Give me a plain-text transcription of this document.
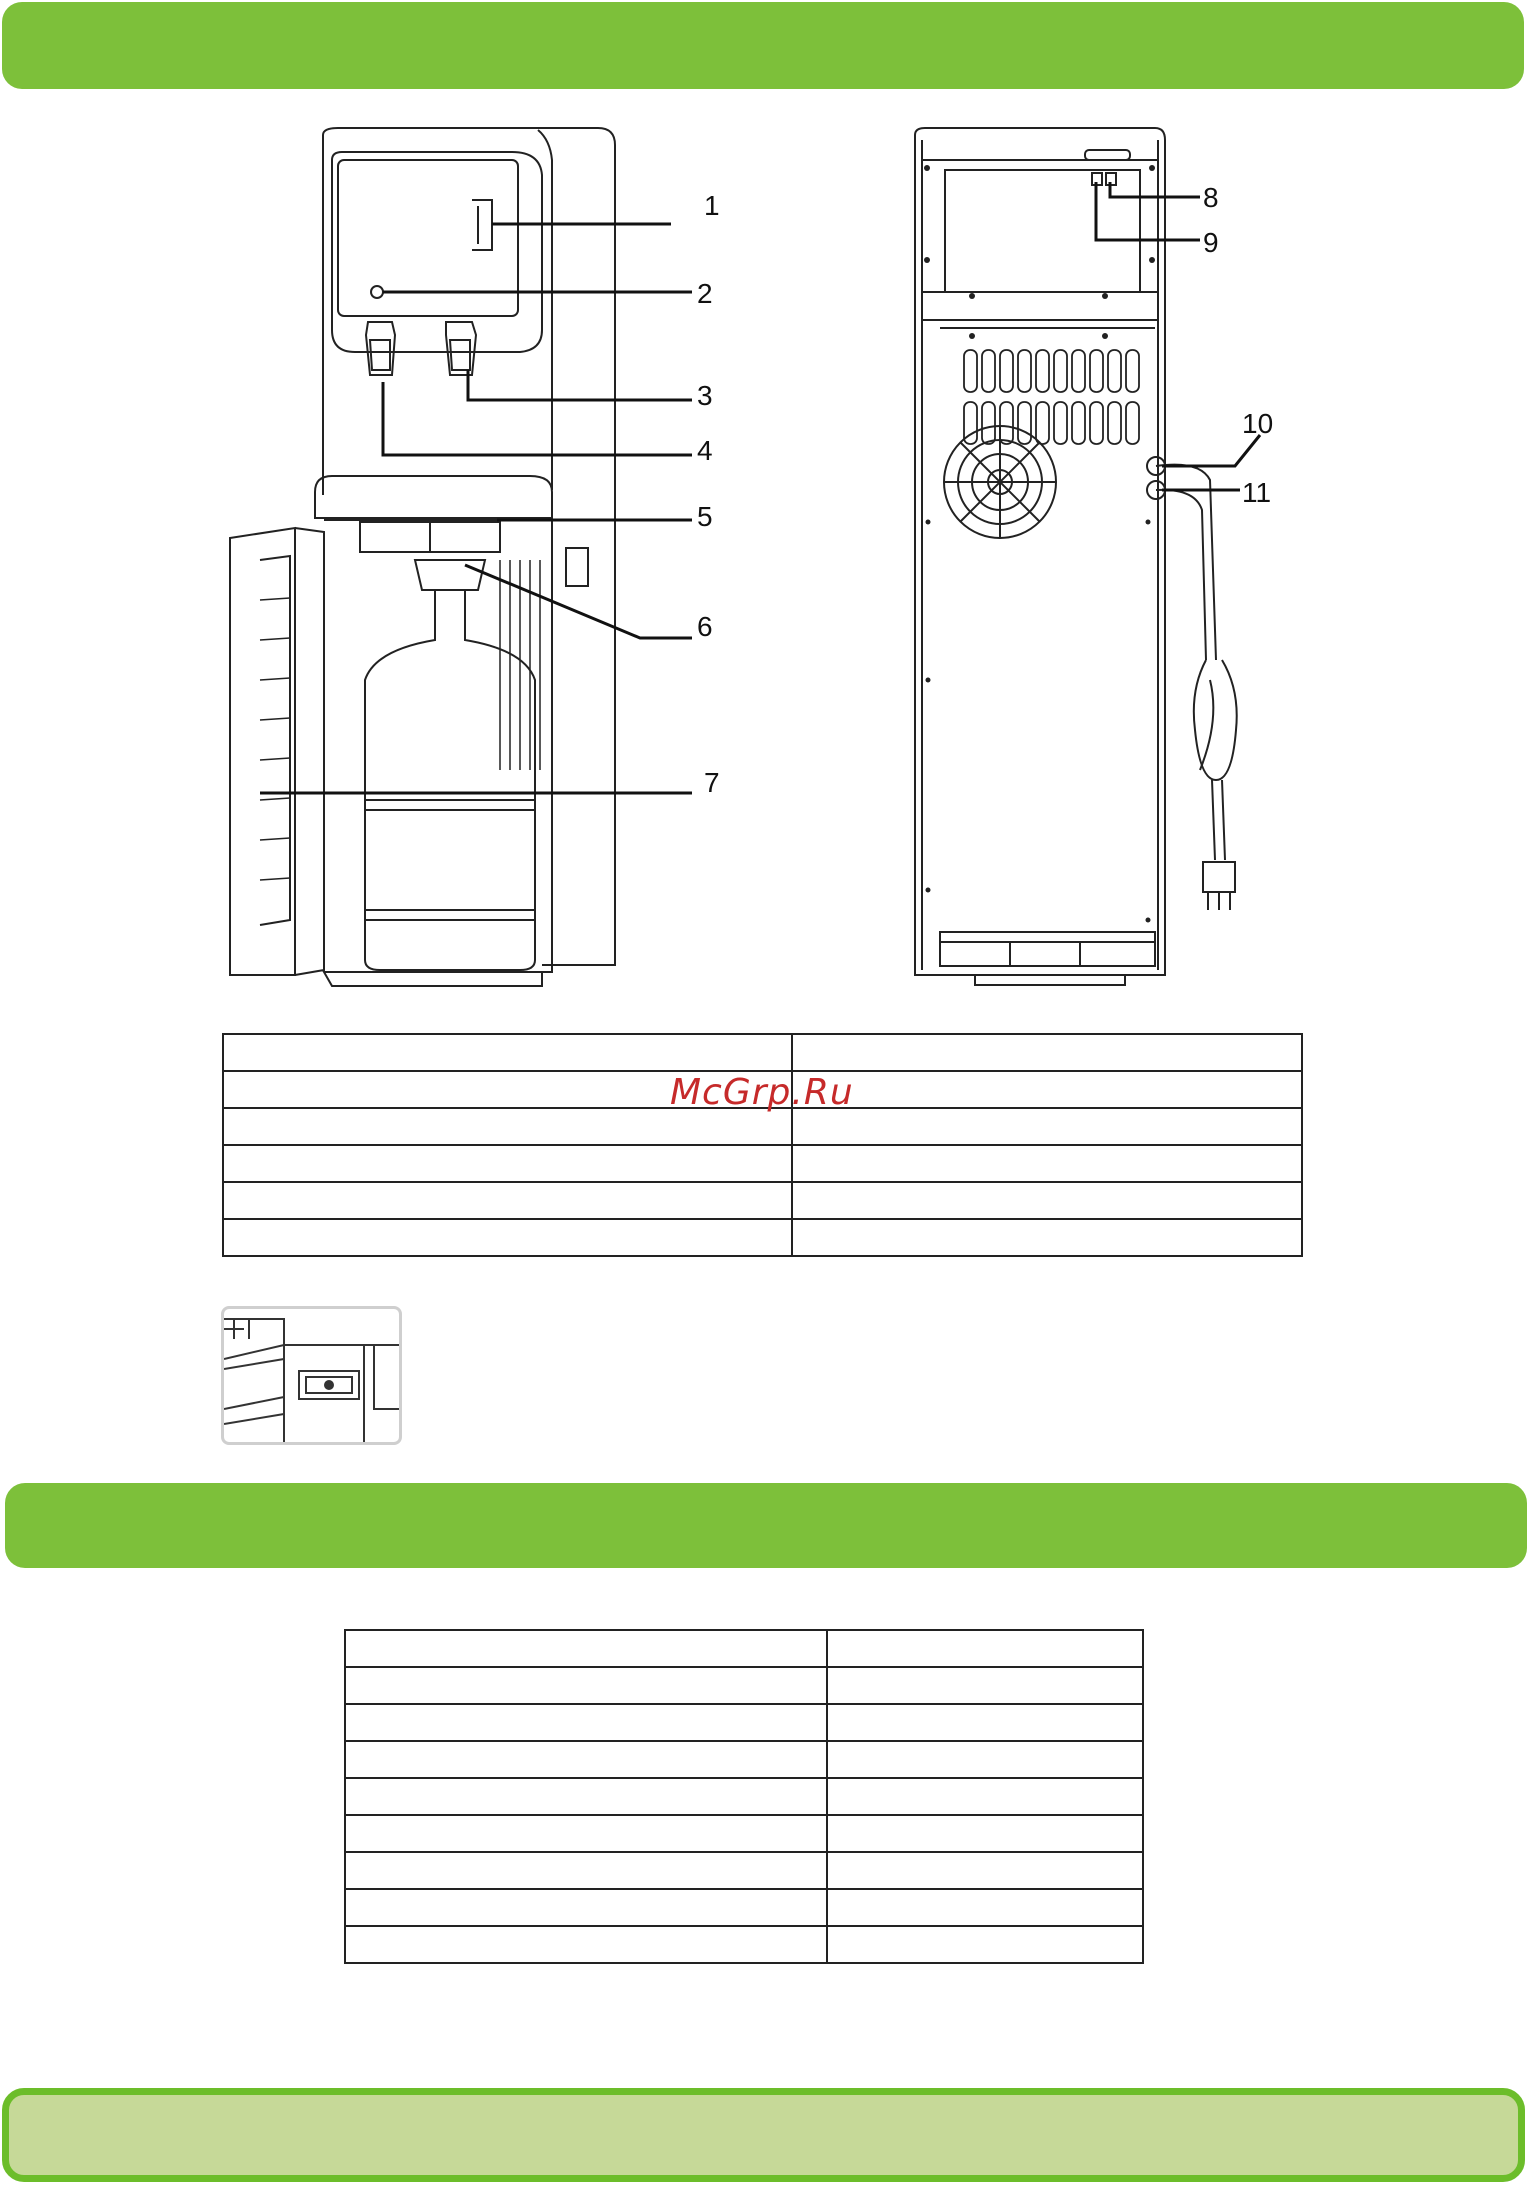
1
2
3
4
5
6
7
8
9
10
11

McGrp.Ru
